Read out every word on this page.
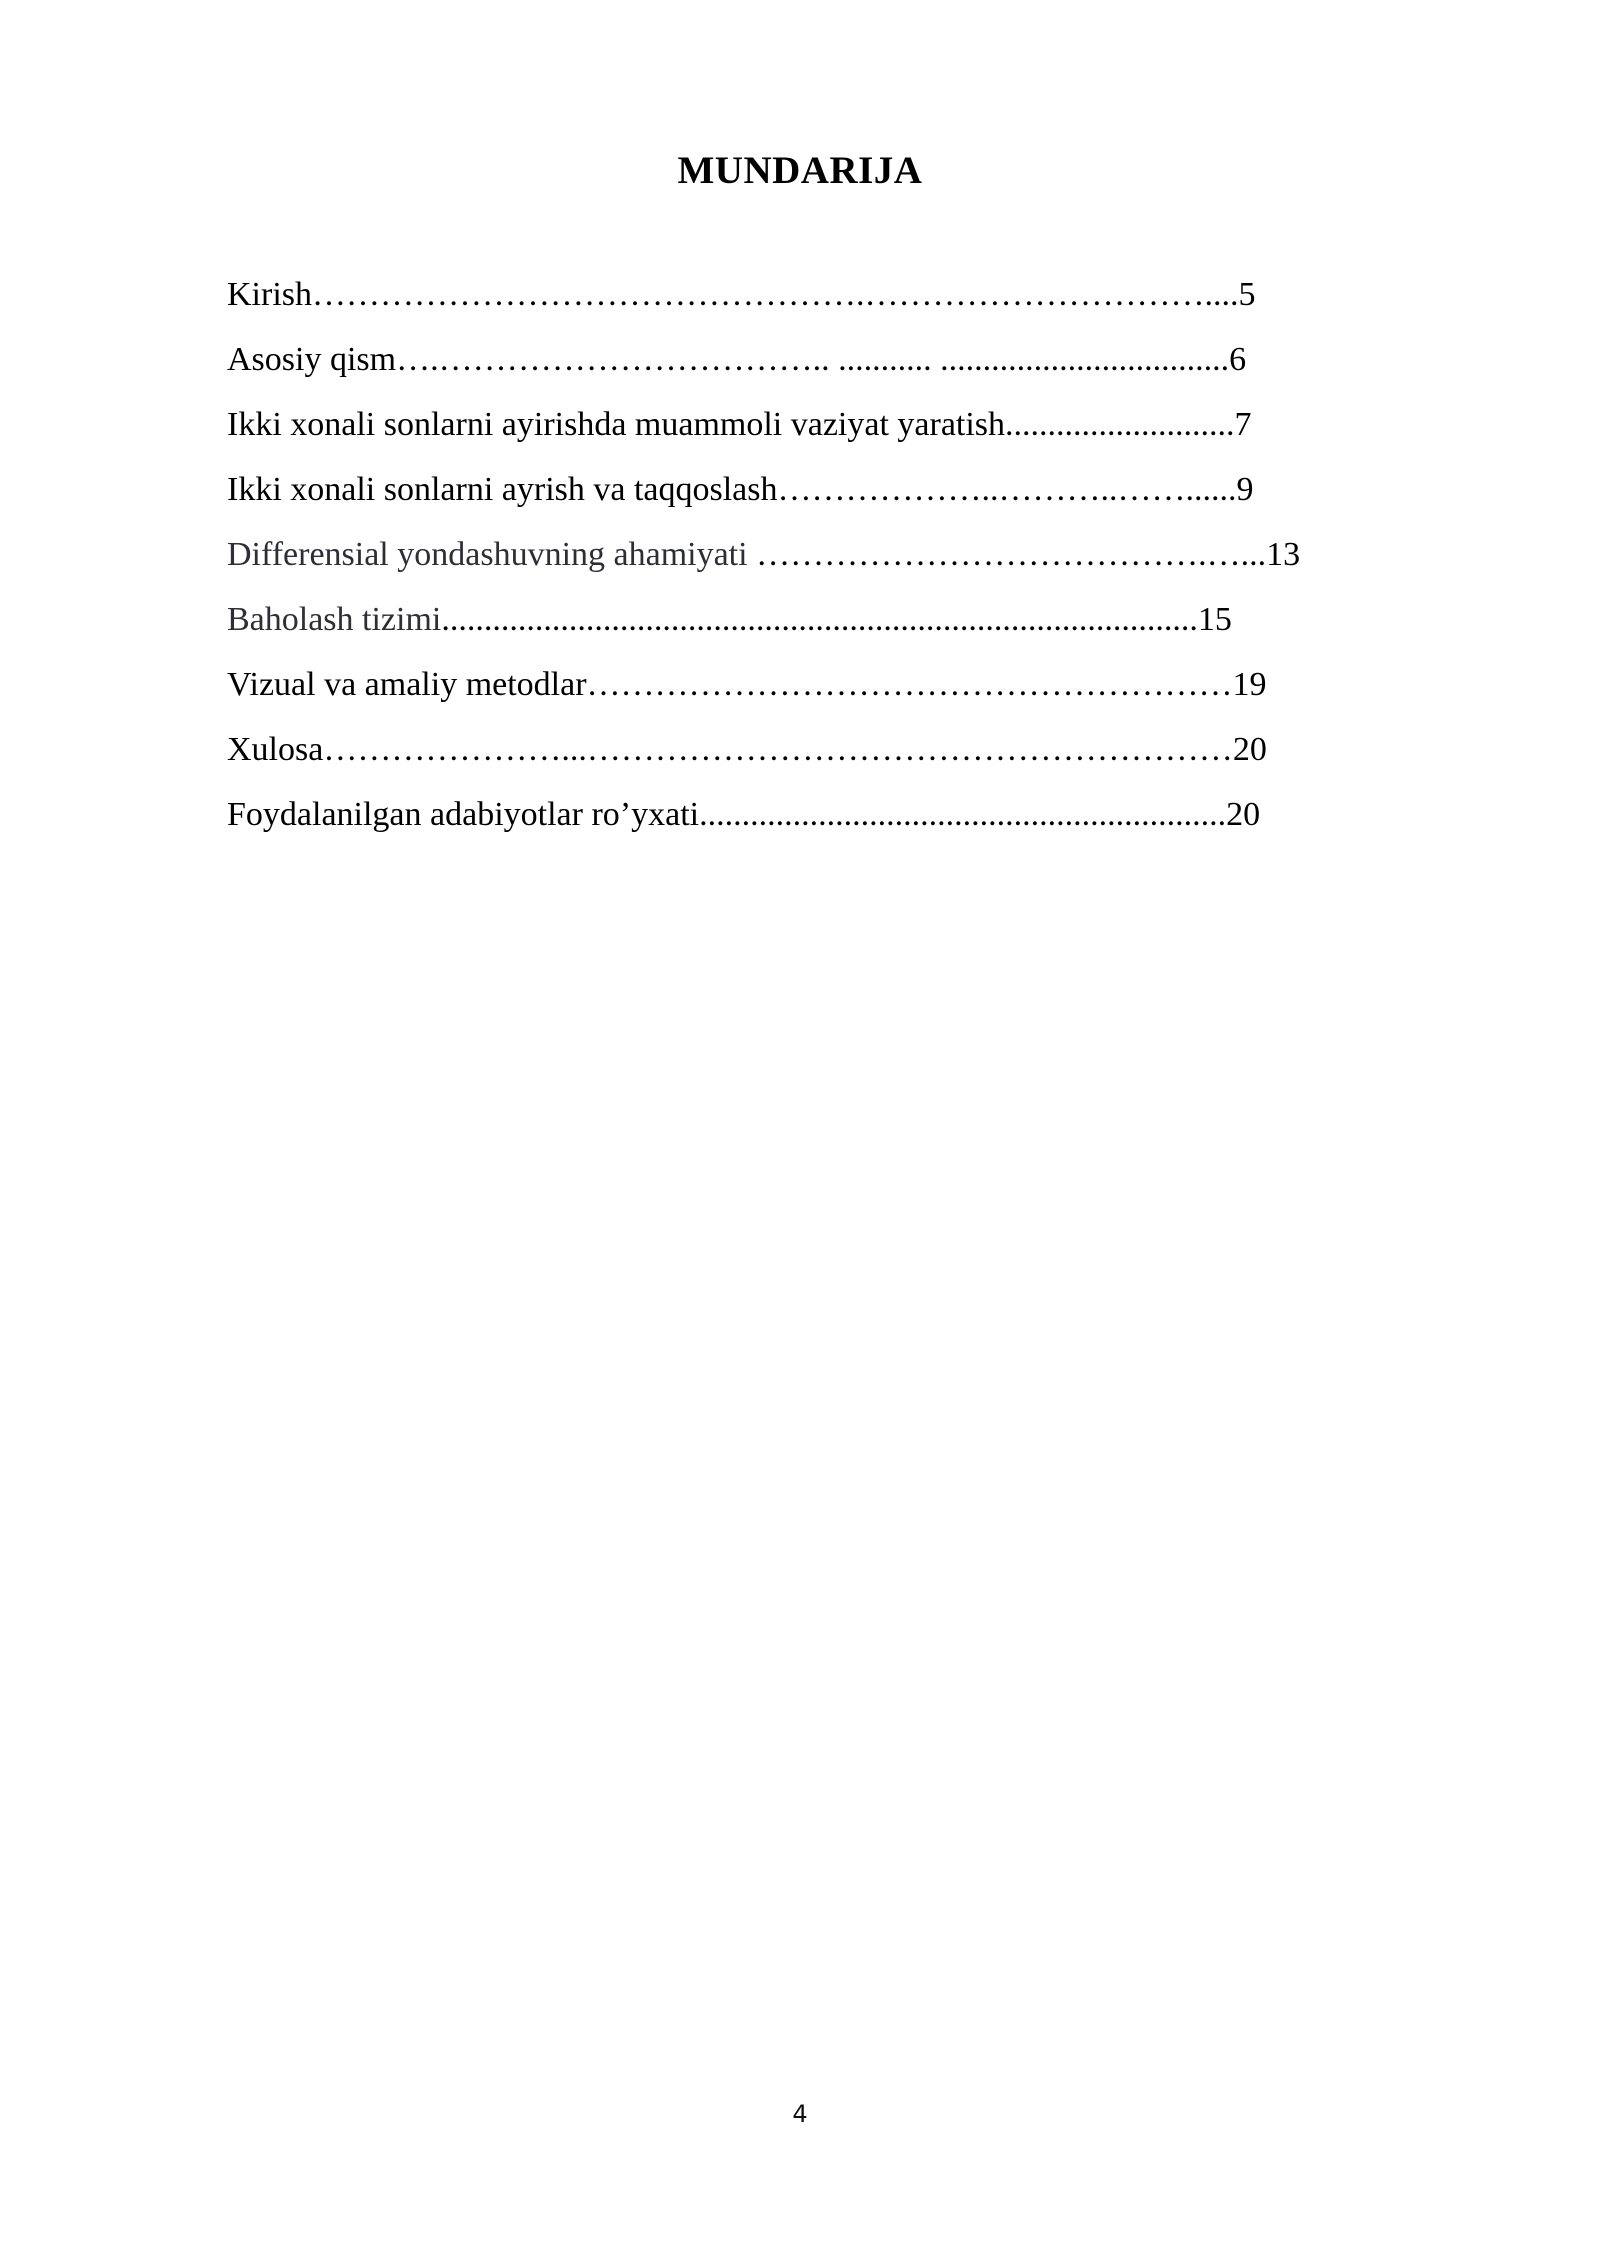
MUNDARIJA
Kirish………………………………………….…………………………....5
Asosiy qism….…………………………….. ........... ..................................6
Ikki xonali sonlarni ayirishda muammoli vaziyat yaratish...........................7
Ikki xonali sonlarni ayrish va taqqoslash………………..………..……......9
Differensial yondashuvning ahamiyati ………………………………….…...13
Baholash tizimi.........................................................................................15
Vizual va amaliy metodlar…………………………………………………19
Xulosa…………………...…………………………………………………20
Foydalanilgan adabiyotlar ro’yxati..............................................................20
4
